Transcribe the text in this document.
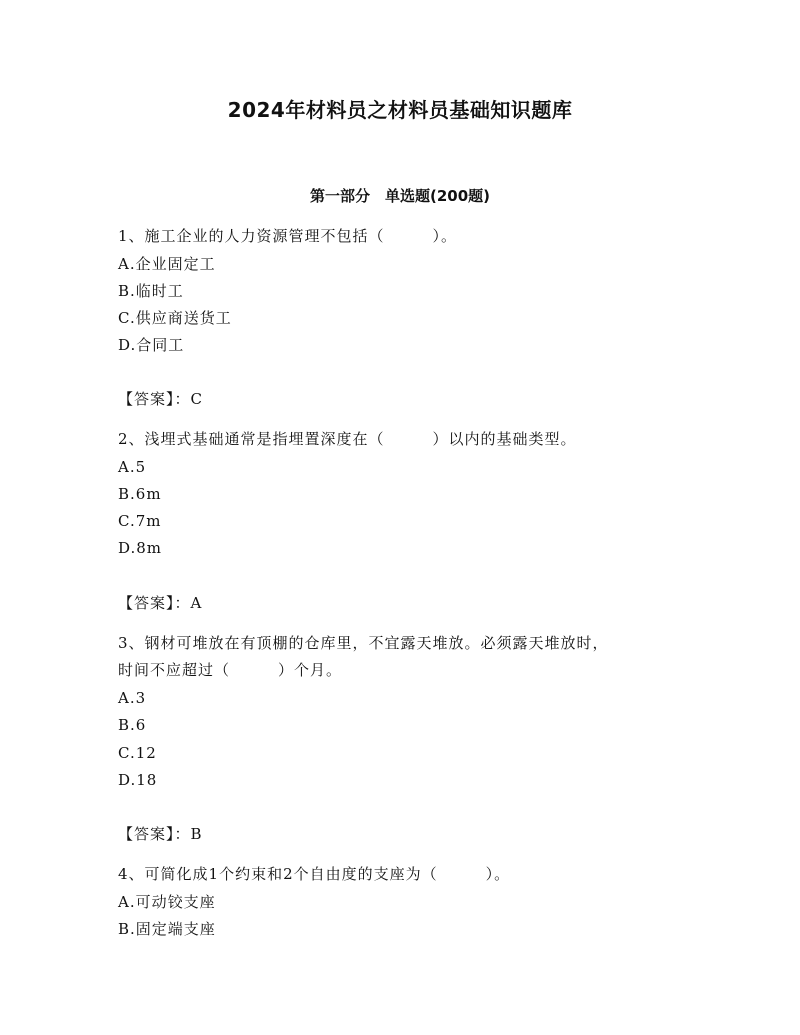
2024年材料员之材料员基础知识题库
第一部分　单选题(200题)
1、施工企业的人力资源管理不包括（　　　）。
A.企业固定工
B.临时工
C.供应商送货工
D.合同工
【答案】：C
2、浅埋式基础通常是指埋置深度在（　　　）以内的基础类型。
A.5
B.6m
C.7m
D.8m
【答案】：A
3、钢材可堆放在有顶棚的仓库里，不宜露天堆放。必须露天堆放时，
时间不应超过（　　　）个月。
A.3
B.6
C.12
D.18
【答案】：B
4、可简化成1个约束和2个自由度的支座为（　　　）。
A.可动铰支座
B.固定端支座
